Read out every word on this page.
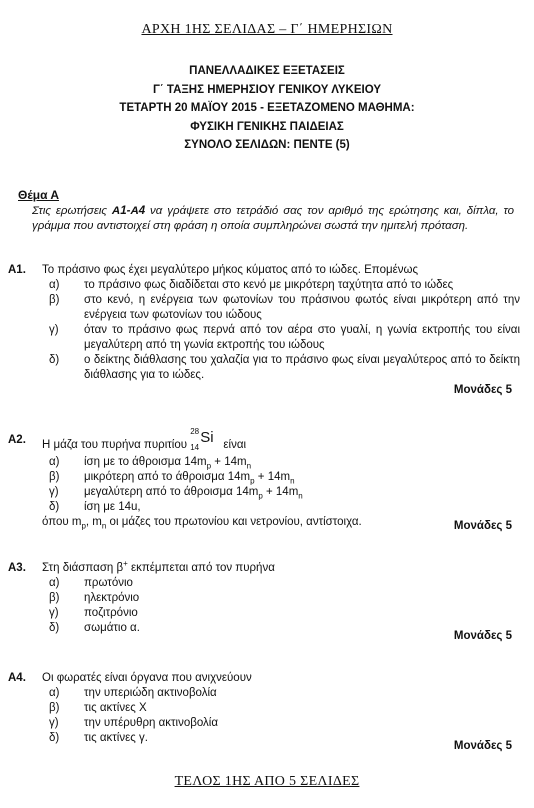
ΑΡΧΗ 1ΗΣ ΣΕΛΙΔΑΣ – Γ΄ ΗΜΕΡΗΣΙΩΝ
ΠΑΝΕΛΛΑΔΙΚΕΣ ΕΞΕΤΑΣΕΙΣ
Γ΄ ΤΑΞΗΣ ΗΜΕΡΗΣΙΟΥ ΓΕΝΙΚΟΥ ΛΥΚΕΙΟΥ
ΤΕΤΑΡΤΗ 20 ΜΑΪΟΥ 2015 - ΕΞΕΤΑΖΟΜΕΝΟ ΜΑΘΗΜΑ:
ΦΥΣΙΚΗ ΓΕΝΙΚΗΣ ΠΑΙΔΕΙΑΣ
ΣΥΝΟΛΟ ΣΕΛΙΔΩΝ: ΠΕΝΤΕ (5)
Θέμα Α
Στις ερωτήσεις Α1-Α4 να γράψετε στο τετράδιό σας τον αριθμό της ερώτησης και, δίπλα, το γράμμα που αντιστοιχεί στη φράση η οποία συμπληρώνει σωστά την ημιτελή πρόταση.
Α1. Το πράσινο φως έχει μεγαλύτερο μήκος κύματος από το ιώδες. Επομένως
α) το πράσινο φως διαδίδεται στο κενό με μικρότερη ταχύτητα από το ιώδες
β) στο κενό, η ενέργεια των φωτονίων του πράσινου φωτός είναι μικρότερη από την ενέργεια των φωτονίων του ιώδους
γ) όταν το πράσινο φως περνά από τον αέρα στο γυαλί, η γωνία εκτροπής του είναι μεγαλύτερη από τη γωνία εκτροπής του ιώδους
δ) ο δείκτης διάθλασης του χαλαζία για το πράσινο φως είναι μεγαλύτερος από το δείκτη διάθλασης για το ιώδες.
Μονάδες 5
Α2. Η μάζα του πυρήνα πυριτίου
28
14
Si είναι
α) ίση με το άθροισμα $14m_p + 14m_n$
β) μικρότερη από το άθροισμα $14m_p + 14m_n$
γ) μεγαλύτερη από το άθροισμα $14m_p + 14m_n$
δ) ίση με 14u,
όπου $m_p$, $m_n$ οι μάζες του πρωτονίου και νετρονίου, αντίστοιχα.	Μονάδες 5
Α3. Στη διάσπαση β+ εκπέμπεται από τον πυρήνα
α) πρωτόνιο
β) ηλεκτρόνιο
γ) ποζιτρόνιο
δ) σωμάτιο α.
Μονάδες 5
Α4. Οι φωρατές είναι όργανα που ανιχνεύουν
α) την υπεριώδη ακτινοβολία
β) τις ακτίνες Χ
γ) την υπέρυθρη ακτινοβολία
δ) τις ακτίνες γ.
Μονάδες 5
ΤΕΛΟΣ 1ΗΣ ΑΠΟ 5 ΣΕΛΙΔΕΣ
